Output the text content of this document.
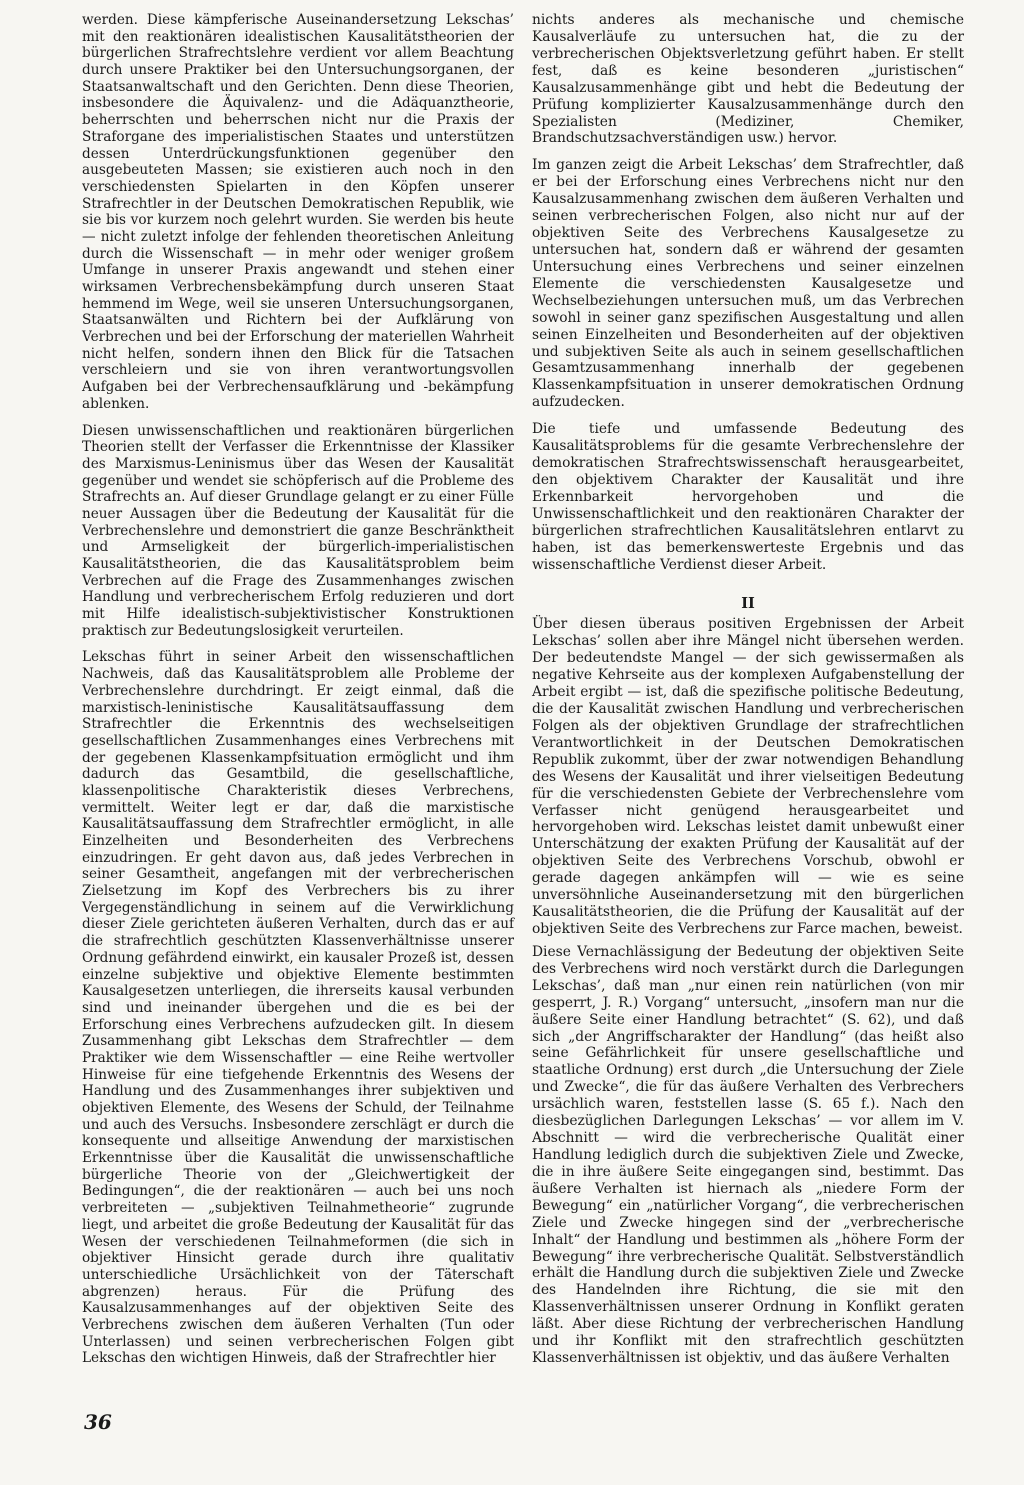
werden. Diese kämpferische Auseinandersetzung Lekschas’ mit den reaktionären idealistischen Kausalitätstheorien der bürgerlichen Strafrechtslehre verdient vor allem Beachtung durch unsere Praktiker bei den Untersuchungsorganen, der Staatsanwaltschaft und den Gerichten. Denn diese Theorien, insbesondere die Äquivalenz- und die Adäquanztheorie, beherrschten und beherrschen nicht nur die Praxis der Straforgane des imperialistischen Staates und unterstützen dessen Unterdrückungsfunktionen gegenüber den ausgebeuteten Massen; sie existieren auch noch in den verschiedensten Spielarten in den Köpfen unserer Strafrechtler in der Deutschen Demokratischen Republik, wie sie bis vor kurzem noch gelehrt wurden. Sie werden bis heute — nicht zuletzt infolge der fehlenden theoretischen Anleitung durch die Wissenschaft — in mehr oder weniger großem Umfange in unserer Praxis angewandt und stehen einer wirksamen Verbrechensbekämpfung durch unseren Staat hemmend im Wege, weil sie unseren Untersuchungsorganen, Staatsanwälten und Richtern bei der Aufklärung von Verbrechen und bei der Erforschung der materiellen Wahrheit nicht helfen, sondern ihnen den Blick für die Tatsachen verschleiern und sie von ihren verantwortungsvollen Aufgaben bei der Verbrechensaufklärung und -bekämpfung ablenken.

Diesen unwissenschaftlichen und reaktionären bürgerlichen Theorien stellt der Verfasser die Erkenntnisse der Klassiker des Marxismus-Leninismus über das Wesen der Kausalität gegenüber und wendet sie schöpferisch auf die Probleme des Strafrechts an. Auf dieser Grundlage gelangt er zu einer Fülle neuer Aussagen über die Bedeutung der Kausalität für die Verbrechenslehre und demonstriert die ganze Beschränktheit und Armseligkeit der bürgerlich-imperialistischen Kausalitätstheorien, die das Kausalitätsproblem beim Verbrechen auf die Frage des Zusammenhanges zwischen Handlung und verbrecherischem Erfolg reduzieren und dort mit Hilfe idealistisch-subjektivistischer Konstruktionen praktisch zur Bedeutungslosigkeit verurteilen.

Lekschas führt in seiner Arbeit den wissenschaftlichen Nachweis, daß das Kausalitätsproblem alle Probleme der Verbrechenslehre durchdringt. Er zeigt einmal, daß die marxistisch-leninistische Kausalitätsauffassung dem Strafrechtler die Erkenntnis des wechselseitigen gesellschaftlichen Zusammenhanges eines Verbrechens mit der gegebenen Klassenkampfsituation ermöglicht und ihm dadurch das Gesamtbild, die gesellschaftliche, klassenpolitische Charakteristik dieses Verbrechens, vermittelt. Weiter legt er dar, daß die marxistische Kausalitätsauffassung dem Strafrechtler ermöglicht, in alle Einzelheiten und Besonderheiten des Verbrechens einzudringen. Er geht davon aus, daß jedes Verbrechen in seiner Gesamtheit, angefangen mit der verbrecherischen Zielsetzung im Kopf des Verbrechers bis zu ihrer Vergegenständlichung in seinem auf die Verwirklichung dieser Ziele gerichteten äußeren Verhalten, durch das er auf die strafrechtlich geschützten Klassenverhältnisse unserer Ordnung gefährdend einwirkt, ein kausaler Prozeß ist, dessen einzelne subjektive und objektive Elemente bestimmten Kausalgesetzen unterliegen, die ihrerseits kausal verbunden sind und ineinander übergehen und die es bei der Erforschung eines Verbrechens aufzudecken gilt. In diesem Zusammenhang gibt Lekschas dem Strafrechtler — dem Praktiker wie dem Wissenschaftler — eine Reihe wertvoller Hinweise für eine tiefgehende Erkenntnis des Wesens der Handlung und des Zusammenhanges ihrer subjektiven und objektiven Elemente, des Wesens der Schuld, der Teilnahme und auch des Versuchs. Insbesondere zerschlägt er durch die konsequente und allseitige Anwendung der marxistischen Erkenntnisse über die Kausalität die unwissenschaftliche bürgerliche Theorie von der „Gleichwertigkeit der Bedingungen“, die der reaktionären — auch bei uns noch verbreiteten — „subjektiven Teilnahmetheorie“ zugrunde liegt, und arbeitet die große Bedeutung der Kausalität für das Wesen der verschiedenen Teilnahmeformen (die sich in objektiver Hinsicht gerade durch ihre qualitativ unterschiedliche Ursächlichkeit von der Täterschaft abgrenzen) heraus. Für die Prüfung des Kausalzusammenhanges auf der objektiven Seite des Verbrechens zwischen dem äußeren Verhalten (Tun oder Unterlassen) und seinen verbrecherischen Folgen gibt Lekschas den wichtigen Hinweis, daß der Strafrechtler hier

nichts anderes als mechanische und chemische Kausalverläufe zu untersuchen hat, die zu der verbrecherischen Objektsverletzung geführt haben. Er stellt fest, daß es keine besonderen „juristischen“ Kausalzusammenhänge gibt und hebt die Bedeutung der Prüfung komplizierter Kausalzusammenhänge durch den Spezialisten (Mediziner, Chemiker, Brandschutzsachverständigen usw.) hervor.

Im ganzen zeigt die Arbeit Lekschas’ dem Strafrechtler, daß er bei der Erforschung eines Verbrechens nicht nur den Kausalzusammenhang zwischen dem äußeren Verhalten und seinen verbrecherischen Folgen, also nicht nur auf der objektiven Seite des Verbrechens Kausalgesetze zu untersuchen hat, sondern daß er während der gesamten Untersuchung eines Verbrechens und seiner einzelnen Elemente die verschiedensten Kausalgesetze und Wechselbeziehungen untersuchen muß, um das Verbrechen sowohl in seiner ganz spezifischen Ausgestaltung und allen seinen Einzelheiten und Besonderheiten auf der objektiven und subjektiven Seite als auch in seinem gesellschaftlichen Gesamtzusammenhang innerhalb der gegebenen Klassenkampfsituation in unserer demokratischen Ordnung aufzudecken.

Die tiefe und umfassende Bedeutung des Kausalitätsproblems für die gesamte Verbrechenslehre der demokratischen Strafrechtswissenschaft herausgearbeitet, den objektivem Charakter der Kausalität und ihre Erkennbarkeit hervorgehoben und die Unwissenschaftlichkeit und den reaktionären Charakter der bürgerlichen strafrechtlichen Kausalitätslehren entlarvt zu haben, ist das bemerkenswerteste Ergebnis und das wissenschaftliche Verdienst dieser Arbeit.

II

Über diesen überaus positiven Ergebnissen der Arbeit Lekschas’ sollen aber ihre Mängel nicht übersehen werden. Der bedeutendste Mangel — der sich gewissermaßen als negative Kehrseite aus der komplexen Aufgabenstellung der Arbeit ergibt — ist, daß die spezifische politische Bedeutung, die der Kausalität zwischen Handlung und verbrecherischen Folgen als der objektiven Grundlage der strafrechtlichen Verantwortlichkeit in der Deutschen Demokratischen Republik zukommt, über der zwar notwendigen Behandlung des Wesens der Kausalität und ihrer vielseitigen Bedeutung für die verschiedensten Gebiete der Verbrechenslehre vom Verfasser nicht genügend herausgearbeitet und hervorgehoben wird. Lekschas leistet damit unbewußt einer Unterschätzung der exakten Prüfung der Kausalität auf der objektiven Seite des Verbrechens Vorschub, obwohl er gerade dagegen ankämpfen will — wie es seine unversöhnliche Auseinandersetzung mit den bürgerlichen Kausalitätstheorien, die die Prüfung der Kausalität auf der objektiven Seite des Verbrechens zur Farce machen, beweist.

Diese Vernachlässigung der Bedeutung der objektiven Seite des Verbrechens wird noch verstärkt durch die Darlegungen Lekschas’, daß man „nur einen rein natürlichen (von mir gesperrt, J. R.) Vorgang“ untersucht, „insofern man nur die äußere Seite einer Handlung betrachtet“ (S. 62), und daß sich „der Angriffscharakter der Handlung“ (das heißt also seine Gefährlichkeit für unsere gesellschaftliche und staatliche Ordnung) erst durch „die Untersuchung der Ziele und Zwecke“, die für das äußere Verhalten des Verbrechers ursächlich waren, feststellen lasse (S. 65 f.). Nach den diesbezüglichen Darlegungen Lekschas’ — vor allem im V. Abschnitt — wird die verbrecherische Qualität einer Handlung lediglich durch die subjektiven Ziele und Zwecke, die in ihre äußere Seite eingegangen sind, bestimmt. Das äußere Verhalten ist hiernach als „niedere Form der Bewegung“ ein „natürlicher Vorgang“, die verbrecherischen Ziele und Zwecke hingegen sind der „verbrecherische Inhalt“ der Handlung und bestimmen als „höhere Form der Bewegung“ ihre verbrecherische Qualität. Selbstverständlich erhält die Handlung durch die subjektiven Ziele und Zwecke des Handelnden ihre Richtung, die sie mit den Klassenverhältnissen unserer Ordnung in Konflikt geraten läßt. Aber diese Richtung der verbrecherischen Handlung und ihr Konflikt mit den strafrechtlich geschützten Klassenverhältnissen ist objektiv, und das äußere Verhalten

36
